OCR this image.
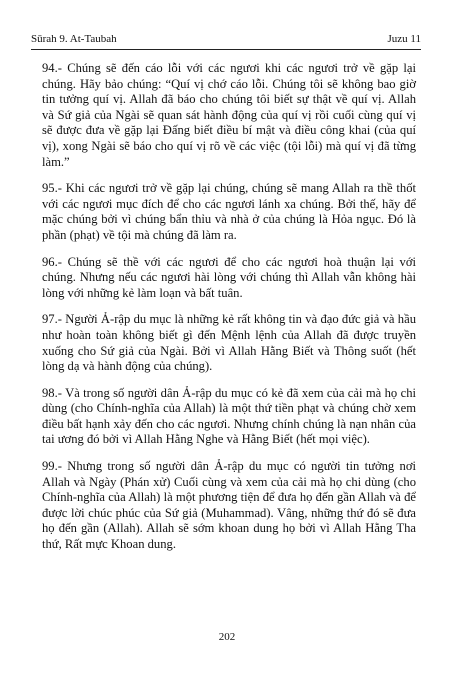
Sūrah 9. At-Taubah	Juzu 11

94.- Chúng sẽ đến cáo lỗi với các ngươi khi các ngươi trở về gặp lại chúng. Hãy bảo chúng: “Quí vị chớ cáo lỗi. Chúng tôi sẽ không bao giờ tin tưởng quí vị. Allah đã báo cho chúng tôi biết sự thật về quí vị. Allah và Sứ giả của Ngài sẽ quan sát hành động của quí vị rồi cuối cùng quí vị sẽ được đưa về gặp lại Đấng biết điều bí mật và điều công khai (của quí vị), xong Ngài sẽ báo cho quí vị rõ về các việc (tội lỗi) mà quí vị đã từng làm.”

95.- Khi các ngươi trở về gặp lại chúng, chúng sẽ mang Allah ra thề thốt với các ngươi mục đích để cho các ngươi lánh xa chúng. Bởi thế, hãy để mặc chúng bởi vì chúng bẩn thỉu và nhà ở của chúng là Hỏa ngục. Đó là phần (phạt) về tội mà chúng đã làm ra.

96.- Chúng sẽ thề với các ngươi để cho các ngươi hoà thuận lại với chúng. Nhưng nếu các ngươi hài lòng với chúng thì Allah vẫn không hài lòng với những kẻ làm loạn và bất tuân.

97.- Người Ả-rập du mục là những kẻ rất không tin và đạo đức giả và hầu như hoàn toàn không biết gì đến Mệnh lệnh của Allah đã được truyền xuống cho Sứ giả của Ngài. Bởi vì Allah Hằng Biết và Thông suốt (hết lòng dạ và hành động của chúng).

98.- Và trong số người dân Ả-rập du mục có kẻ đã xem của cải mà họ chi dùng (cho Chính-nghĩa của Allah) là một thứ tiền phạt và chúng chờ xem điều bất hạnh xảy đến cho các ngươi. Nhưng chính chúng là nạn nhân của tai ương đó bởi vì Allah Hằng Nghe và Hằng Biết (hết mọi việc).

99.- Nhưng trong số người dân Ả-rập du mục có người tin tưởng nơi Allah và Ngày (Phán xử) Cuối cùng và xem của cải mà họ chi dùng (cho Chính-nghĩa của Allah) là một phương tiện để đưa họ đến gần Allah và để được lời chúc phúc của Sứ giả (Muhammad). Vâng, những thứ đó sẽ đưa họ đến gần (Allah). Allah sẽ sớm khoan dung họ bởi vì Allah Hằng Tha thứ, Rất mực Khoan dung.

202
